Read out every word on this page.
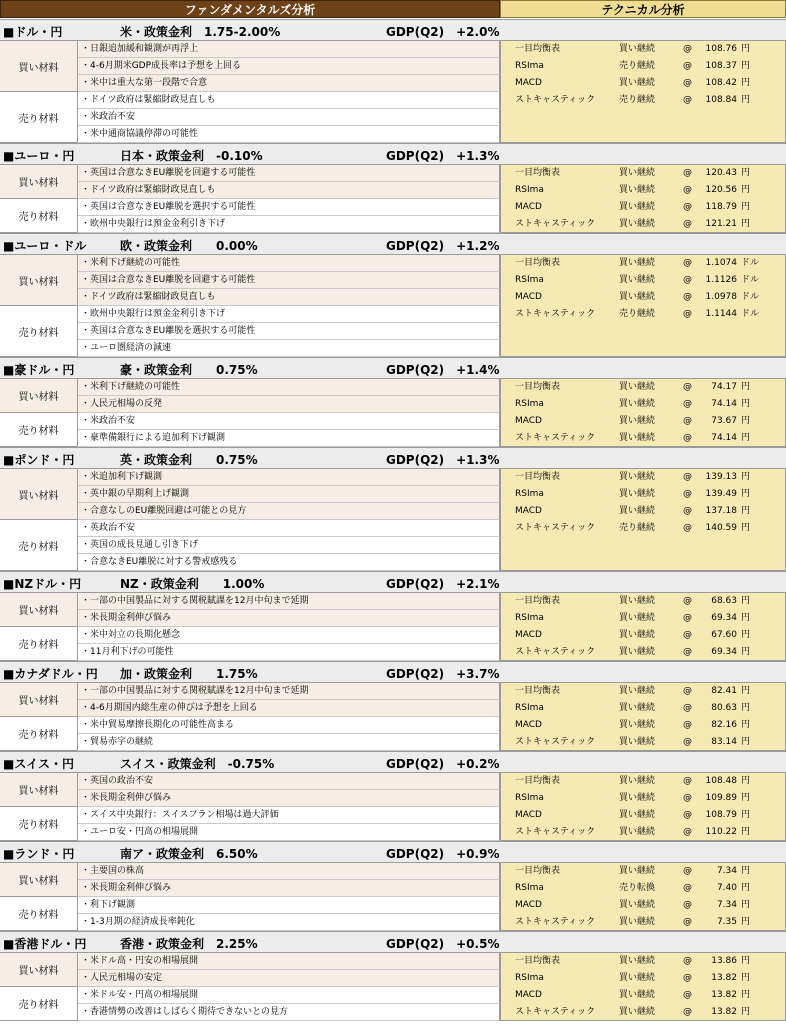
ファンダメンタルズ分析	テクニカル分析
■ドル・円	米・政策金利　1.75-2.00%	GDP(Q2)　+2.0%
買い材料
・日銀追加緩和観測が再浮上
・4-6月期米GDP成長率は予想を上回る
・米中は重大な第一段階で合意
売り材料
・ドイツ政府は緊縮財政見直しも
・米政治不安
・米中通商協議停滞の可能性
一目均衡表	買い継続	@ 108.76 円
RSIma	売り継続	@ 108.37 円
MACD	買い継続	@ 108.42 円
ストキャスティック	売り継続	@ 108.84 円
■ユーロ・円	日本・政策金利　-0.10%	GDP(Q2)　+1.3%
買い材料
・英国は合意なきEU離脱を回避する可能性
・ドイツ政府は緊縮財政見直しも
売り材料
・英国は合意なきEU離脱を選択する可能性
・欧州中央銀行は預金金利引き下げ
一目均衡表	買い継続	@ 120.43 円
RSIma	買い継続	@ 120.56 円
MACD	買い継続	@ 118.79 円
ストキャスティック	買い継続	@ 121.21 円
■ユーロ・ドル	欧・政策金利　　0.00%	GDP(Q2)　+1.2%
買い材料
・米利下げ継続の可能性
・英国は合意なきEU離脱を回避する可能性
・ドイツ政府は緊縮財政見直しも
売り材料
・欧州中央銀行は預金金利引き下げ
・英国は合意なきEU離脱を選択する可能性
・ユーロ圏経済の減速
一目均衡表	買い継続	@ 1.1074 ドル
RSIma	買い継続	@ 1.1126 ドル
MACD	買い継続	@ 1.0978 ドル
ストキャスティック	売り継続	@ 1.1144 ドル
■豪ドル・円	豪・政策金利　　0.75%	GDP(Q2)　+1.4%
買い材料
・米利下げ継続の可能性
・人民元相場の反発
売り材料
・米政治不安
・豪準備銀行による追加利下げ観測
一目均衡表	買い継続	@ 74.17 円
RSIma	買い継続	@ 74.14 円
MACD	買い継続	@ 73.67 円
ストキャスティック	買い継続	@ 74.14 円
■ポンド・円	英・政策金利　　0.75%	GDP(Q2)　+1.3%
買い材料
・米追加利下げ観測
・英中銀の早期利上げ観測
・合意なしのEU離脱回避は可能との見方
売り材料
・英政治不安
・英国の成長見通し引き下げ
・合意なきEU離脱に対する警戒感残る
一目均衡表	買い継続	@ 139.13 円
RSIma	買い継続	@ 139.49 円
MACD	買い継続	@ 137.18 円
ストキャスティック	売り継続	@ 140.59 円
■NZドル・円	NZ・政策金利　　1.00%	GDP(Q2)　+2.1%
買い材料
・一部の中国製品に対する関税賦課を12月中旬まで延期
・米長期金利伸び悩み
売り材料
・米中対立の長期化懸念
・11月利下げの可能性
一目均衡表	買い継続	@ 68.63 円
RSIma	買い継続	@ 69.34 円
MACD	買い継続	@ 67.60 円
ストキャスティック	買い継続	@ 69.34 円
■カナダドル・円 加・政策金利　　1.75%	GDP(Q2)　+3.7%
買い材料
・一部の中国製品に対する関税賦課を12月中旬まで延期
・4-6月期国内総生産の伸びは予想を上回る
売り材料
・米中貿易摩擦長期化の可能性高まる
・貿易赤字の継続
一目均衡表	買い継続	@ 82.41 円
RSIma	買い継続	@ 80.63 円
MACD	買い継続	@ 82.16 円
ストキャスティック	買い継続	@ 83.14 円
■スイス・円	スイス・政策金利　-0.75%	GDP(Q2)　+0.2%
買い材料
・英国の政治不安
・米長期金利伸び悩み
売り材料
・スイス中央銀行：スイスフラン相場は過大評価
・ユーロ安・円高の相場展開
一目均衡表	買い継続	@ 108.48 円
RSIma	買い継続	@ 109.89 円
MACD	買い継続	@ 108.79 円
ストキャスティック	買い継続	@ 110.22 円
■ランド・円	南ア・政策金利　6.50%	GDP(Q2)　+0.9%
買い材料
・主要国の株高
・米長期金利伸び悩み
売り材料
・利下げ観測
・1-3月期の経済成長率鈍化
一目均衡表	買い継続	@	7.34 円
RSIma	売り転換	@	7.40 円
MACD	買い継続	@	7.34 円
ストキャスティック	買い継続	@	7.35 円
■香港ドル・円	香港・政策金利　2.25%	GDP(Q2)　+0.5%
買い材料
・米ドル高・円安の相場展開
・人民元相場の安定
売り材料
・米ドル安・円高の相場展開
・香港情勢の改善はしばらく期待できないとの見方
一目均衡表	買い継続	@ 13.86 円
RSIma	買い継続	@ 13.82 円
MACD	買い継続	@ 13.82 円
ストキャスティック	買い継続	@ 13.82 円
